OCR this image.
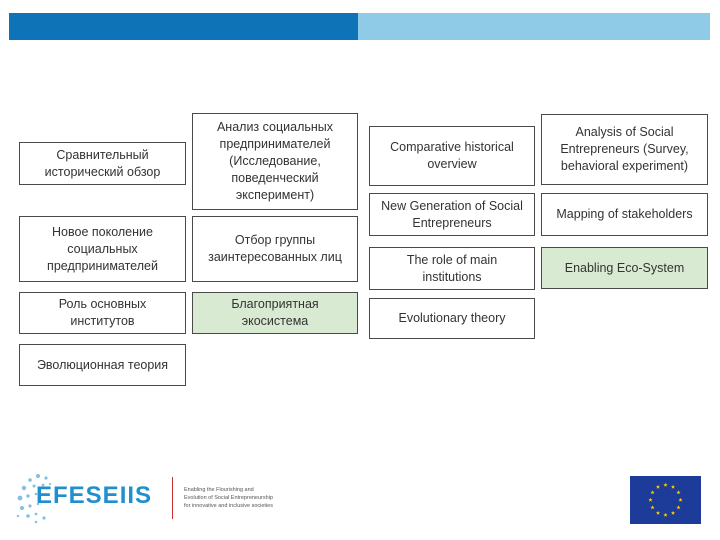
Сравнительный исторический обзор
Новое поколение социальных предпринимателей
Роль основных институтов
Эволюционная теория
Анализ социальных предпринимателей (Исследование, поведенческий эксперимент)
Отбор группы заинтересованных лиц
Благоприятная экосистема
Comparative historical overview
New Generation of Social Entrepreneurs
The role of main institutions
Evolutionary theory
Analysis of Social Entrepreneurs (Survey, behavioral experiment)
Mapping of stakeholders
Enabling Eco-System
EFESEIIS	Enabling the Flourishing and
Evolution of Social Entrepreneurship
for innovative and inclusive societies
